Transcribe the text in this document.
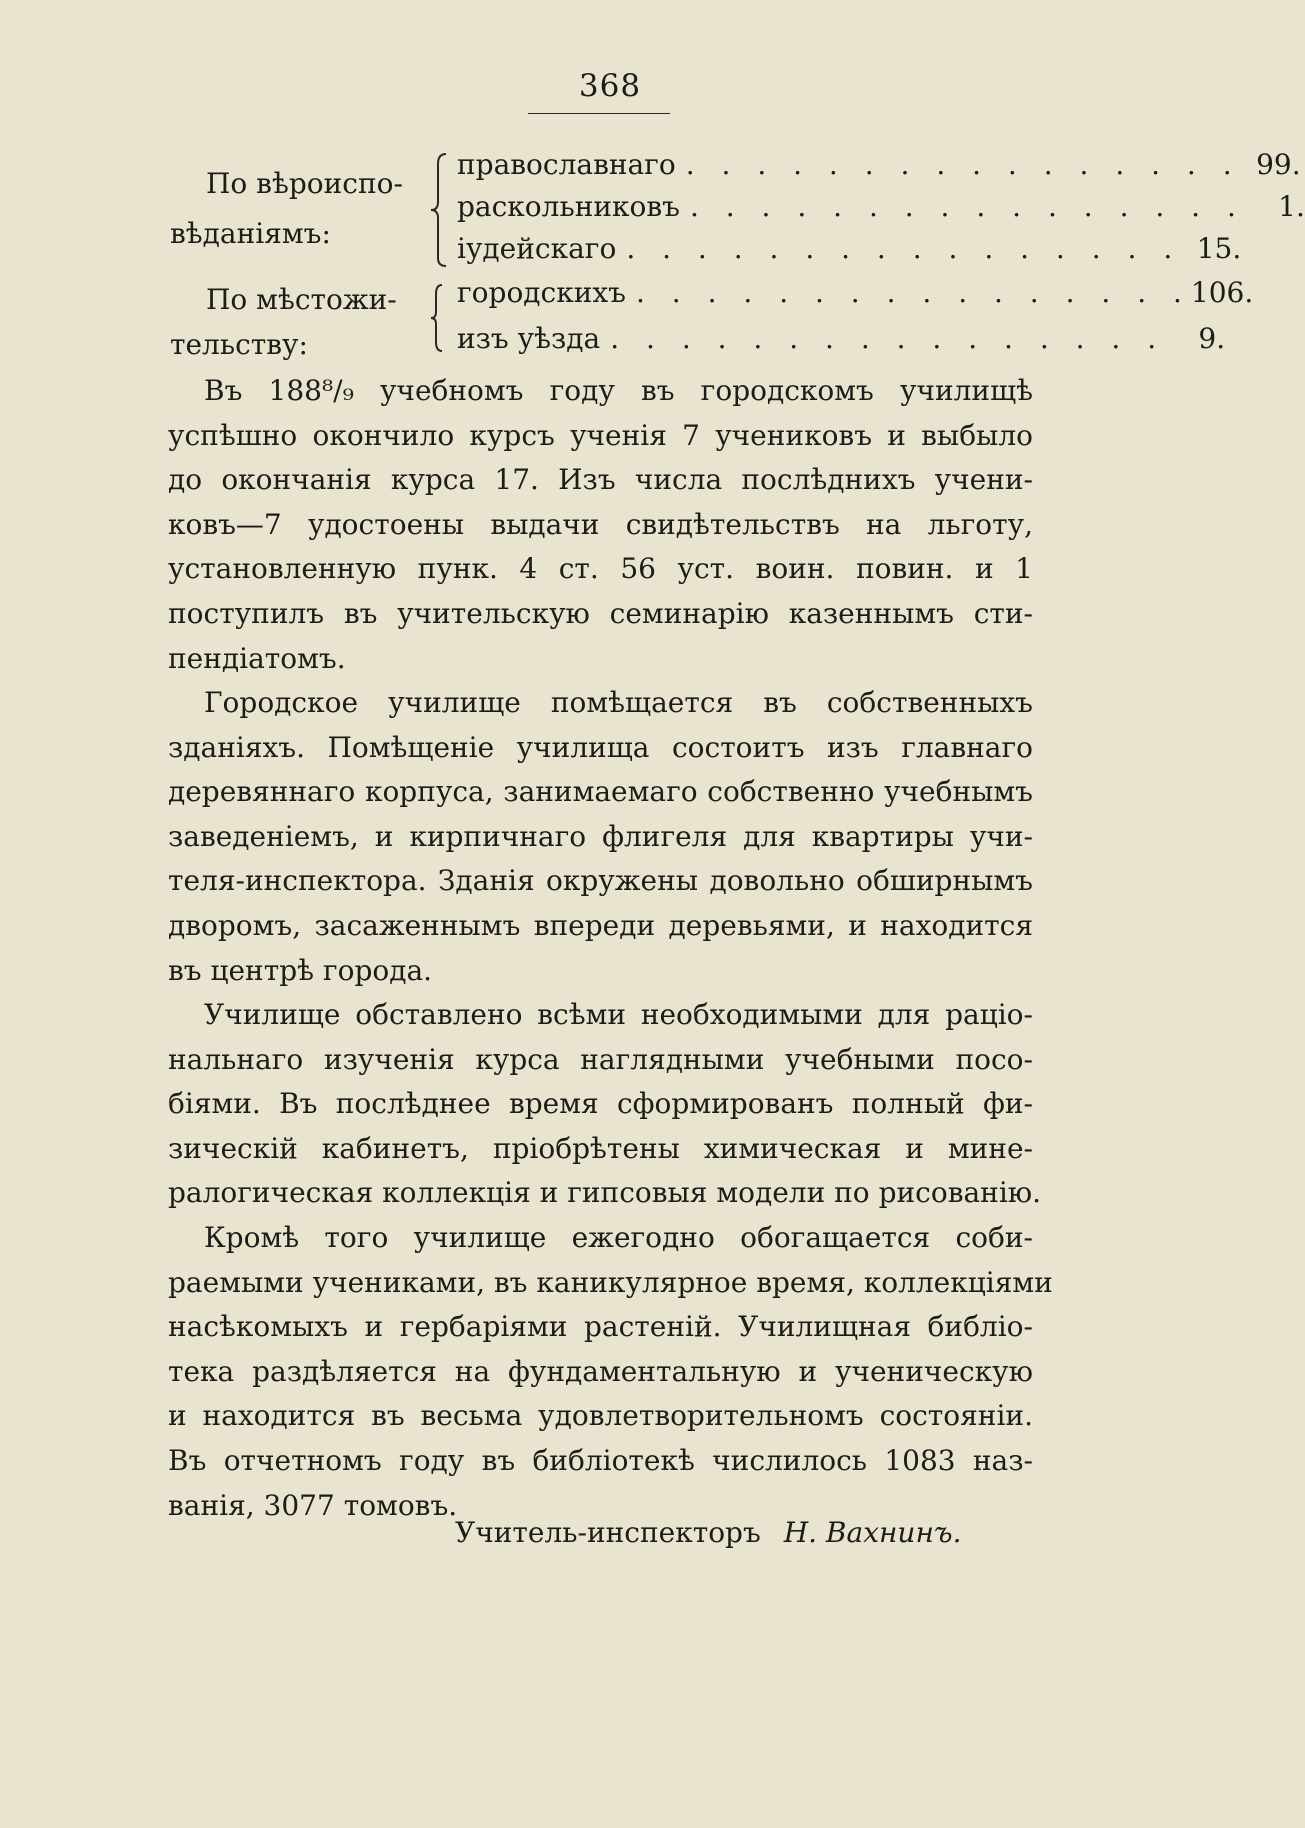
368
По вѣроиспо-
вѣданіямъ:
православнаго . . . . . . . . . . . . . . . . 99.
раскольниковъ . . . . . . . . . . . . . . . .	1.
іудейскаго . . . . . . . . . . . . . . . . 15.
По мѣстожи-
тельству:
городскихъ . . . . . . . . . . . . . . . . 106.
изъ уѣзда . . . . . . . . . . . . . . . .	9.
Въ 188⁸/₉ учебномъ году въ городскомъ училищѣ
успѣшно окончило курсъ ученія 7 учениковъ и выбыло
до окончанія курса 17. Изъ числа послѣднихъ учени-
ковъ—7 удостоены выдачи свидѣтельствъ на льготу,
установленную пунк. 4 ст. 56 уст. воин. повин. и 1
поступилъ въ учительскую семинарію казеннымъ сти-
пендіатомъ.
Городское училище помѣщается въ собственныхъ
зданіяхъ. Помѣщеніе училища состоитъ изъ главнаго
деревяннаго корпуса, занимаемаго собственно учебнымъ
заведеніемъ, и кирпичнаго флигеля для квартиры учи-
теля-инспектора. Зданія окружены довольно обширнымъ
дворомъ, засаженнымъ впереди деревьями, и находится
въ центрѣ города.
Училище обставлено всѣми необходимыми для раціо-
нальнаго изученія курса наглядными учебными посо-
біями. Въ послѣднее время сформированъ полный фи-
зическій кабинетъ, пріобрѣтены химическая и мине-
ралогическая коллекція и гипсовыя модели по рисованію.
Кромѣ того училище ежегодно обогащается соби-
раемыми учениками, въ каникулярное время, коллекціями
насѣкомыхъ и гербаріями растеній. Училищная библіо-
тека раздѣляется на фундаментальную и ученическую
и находится въ весьма удовлетворительномъ состояніи.
Въ отчетномъ году въ библіотекѣ числилось 1083 наз-
ванія, 3077 томовъ.
Учитель-инспекторъ Н. Вахнинъ.
